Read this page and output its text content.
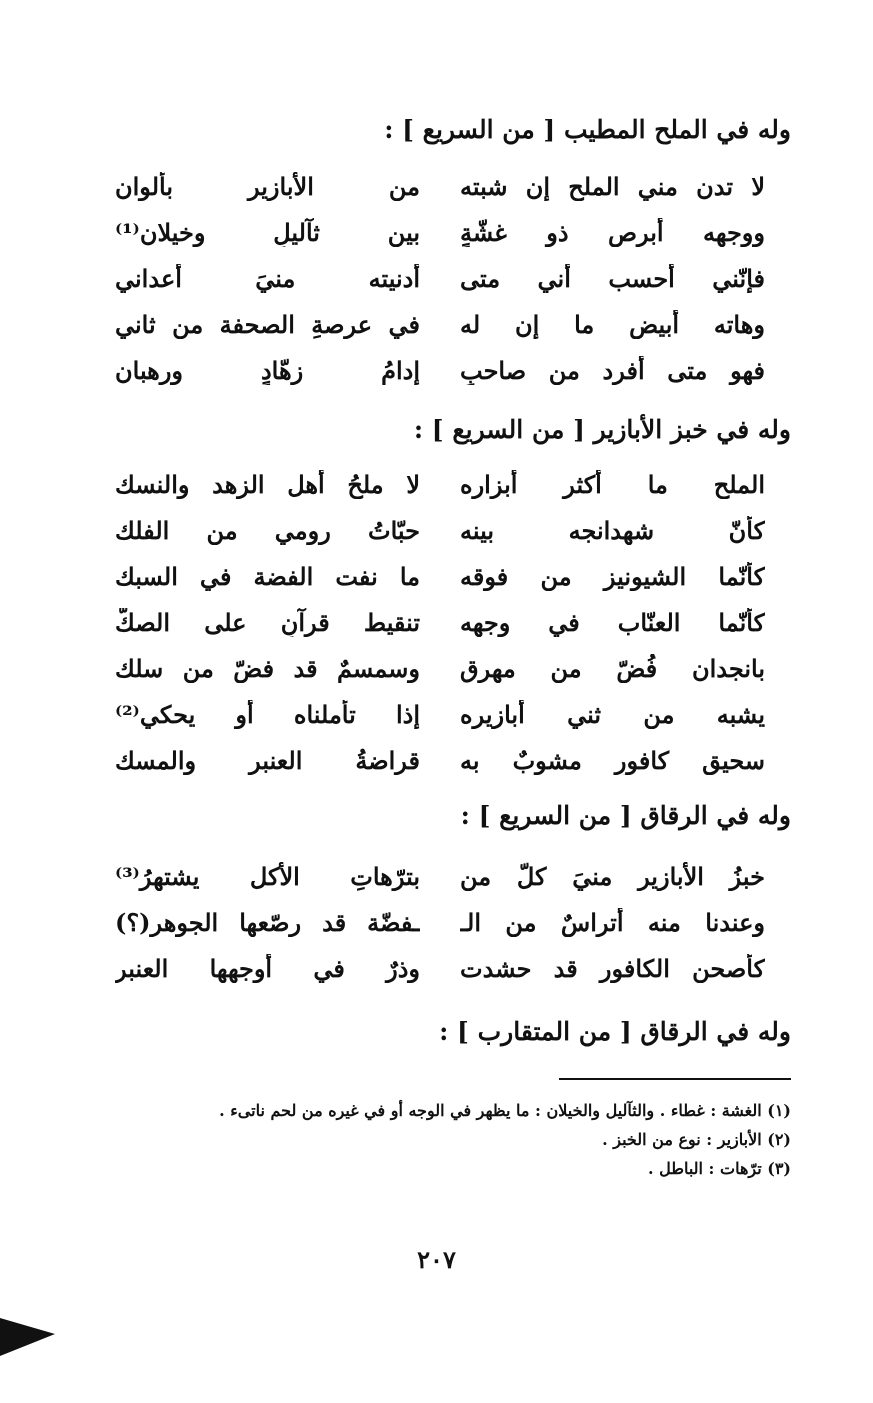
وله في الملح المطيب [ من السريع ] :
لا تدن مني الملح إن شبته
من الأبازير بألوان
ووجهه أبرص ذو غشّةٍ
بين ثآليلٍ وخيلان⁽¹⁾
فإنّني أحسب أني متى
أدنيته منيَ أعداني
وهاته أبيض ما إن له
في عرصةِ الصحفة من ثاني
فهو متى أفرد من صاحبٍ
إدامُ زهّادٍ ورهبان
وله في خبز الأبازير [ من السريع ] :
الملح ما أكثر أبزاره
لا ملحُ أهل الزهد والنسك
كأنّ شهدانجه بينه
حبّاتُ روميٍ من الفلك
كأنّما الشيونيز من فوقه
ما نفت الفضة في السبك
كأنّما العنّاب في وجهه
تنقيط قرآنٍ على الصكّ
بانجدان فُضّ من مهرقٍ
وسمسمٌ قد فضّ من سلك
يشبه من ثني أبازيره
إذا تأملناه أو يحكي⁽²⁾
سحيق كافورٍ مشوبٌ به
قراضةُ العنبر والمسك
وله في الرقاق [ من السريع ] :
خبزُ الأبازير منيَ كلّ من
بترّهاتِ الأكل يشتهرُ⁽³⁾
وعندنا منه أتراسٌ من الـ
ـفضّة قد رصّعها الجوهر(؟)
كأصحن الكافور قد حشدت
وذرٌ في أوجهها العنبر
وله في الرقاق [ من المتقارب ] :
(١) الغشة : غطاء . والثآليل والخيلان : ما يظهر في الوجه أو في غيره من لحم ناتىء .
(٢) الأبازير : نوع من الخبز .
(٣) ترّهات : الباطل .
٢٠٧
